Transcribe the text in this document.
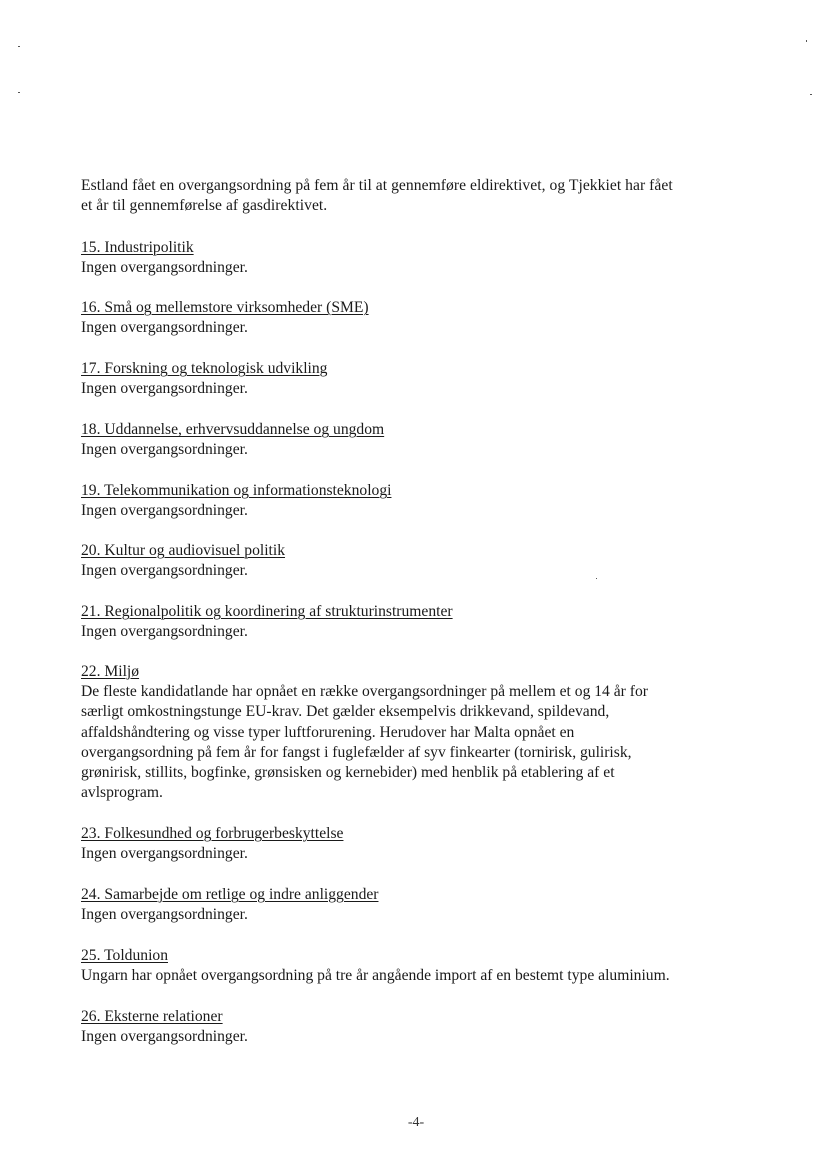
Estland fået en overgangsordning på fem år til at gennemføre eldirektivet, og Tjekkiet har fået
et år til gennemførelse af gasdirektivet.
15. Industripolitik
Ingen overgangsordninger.
16. Små og mellemstore virksomheder (SME)
Ingen overgangsordninger.
17. Forskning og teknologisk udvikling
Ingen overgangsordninger.
18. Uddannelse, erhvervsuddannelse og ungdom
Ingen overgangsordninger.
19. Telekommunikation og informationsteknologi
Ingen overgangsordninger.
20. Kultur og audiovisuel politik
Ingen overgangsordninger.
21. Regionalpolitik og koordinering af strukturinstrumenter
Ingen overgangsordninger.
22. Miljø
De fleste kandidatlande har opnået en række overgangsordninger på mellem et og 14 år for
særligt omkostningstunge EU-krav. Det gælder eksempelvis drikkevand, spildevand,
affaldshåndtering og visse typer luftforurening. Herudover har Malta opnået en
overgangsordning på fem år for fangst i fuglefælder af syv finkearter (tornirisk, gulirisk,
grønirisk, stillits, bogfinke, grønsisken og kernebider) med henblik på etablering af et
avlsprogram.
23. Folkesundhed og forbrugerbeskyttelse
Ingen overgangsordninger.
24. Samarbejde om retlige og indre anliggender
Ingen overgangsordninger.
25. Toldunion
Ungarn har opnået overgangsordning på tre år angående import af en bestemt type aluminium.
26. Eksterne relationer
Ingen overgangsordninger.
-4-
